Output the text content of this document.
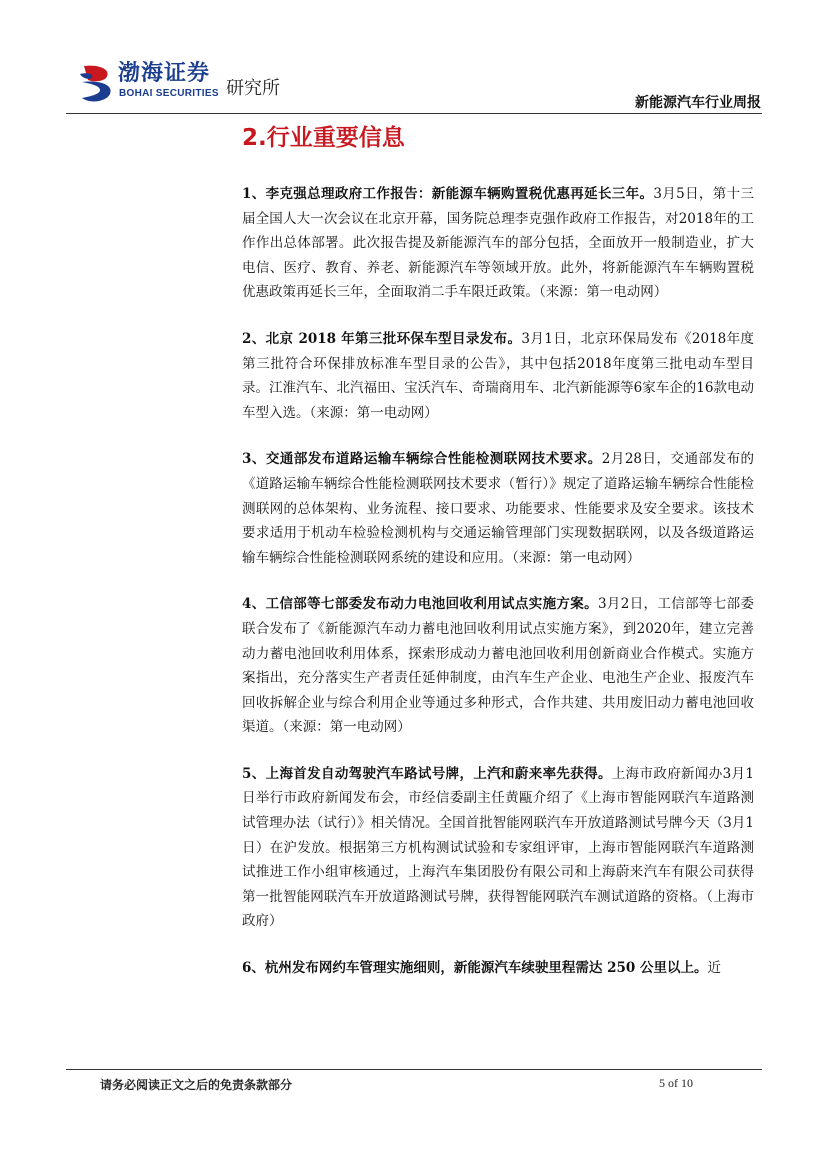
渤海证券
BOHAI SECURITIES 研究所
新能源汽车行业周报
2.行业重要信息

1、李克强总理政府工作报告：新能源车辆购置税优惠再延长三年。3月5日，第十三届全国人大一次会议在北京开幕，国务院总理李克强作政府工作报告，对2018年的工作作出总体部署。此次报告提及新能源汽车的部分包括，全面放开一般制造业，扩大电信、医疗、教育、养老、新能源汽车等领域开放。此外，将新能源汽车车辆购置税优惠政策再延长三年，全面取消二手车限迁政策。（来源：第一电动网）

2、北京 2018 年第三批环保车型目录发布。3月1日，北京环保局发布《2018年度第三批符合环保排放标准车型目录的公告》，其中包括2018年度第三批电动车型目录。江淮汽车、北汽福田、宝沃汽车、奇瑞商用车、北汽新能源等6家车企的16款电动车型入选。（来源：第一电动网）

3、交通部发布道路运输车辆综合性能检测联网技术要求。2月28日，交通部发布的《道路运输车辆综合性能检测联网技术要求（暂行）》规定了道路运输车辆综合性能检测联网的总体架构、业务流程、接口要求、功能要求、性能要求及安全要求。该技术要求适用于机动车检验检测机构与交通运输管理部门实现数据联网，以及各级道路运输车辆综合性能检测联网系统的建设和应用。（来源：第一电动网）

4、工信部等七部委发布动力电池回收利用试点实施方案。3月2日，工信部等七部委联合发布了《新能源汽车动力蓄电池回收利用试点实施方案》，到2020年，建立完善动力蓄电池回收利用体系，探索形成动力蓄电池回收利用创新商业合作模式。实施方案指出，充分落实生产者责任延伸制度，由汽车生产企业、电池生产企业、报废汽车回收拆解企业与综合利用企业等通过多种形式，合作共建、共用废旧动力蓄电池回收渠道。（来源：第一电动网）

5、上海首发自动驾驶汽车路试号牌，上汽和蔚来率先获得。上海市政府新闻办3月1日举行市政府新闻发布会，市经信委副主任黄甌介绍了《上海市智能网联汽车道路测试管理办法（试行）》相关情况。全国首批智能网联汽车开放道路测试号牌今天（3月1日）在沪发放。根据第三方机构测试试验和专家组评审，上海市智能网联汽车道路测试推进工作小组审核通过，上海汽车集团股份有限公司和上海蔚来汽车有限公司获得第一批智能网联汽车开放道路测试号牌，获得智能网联汽车测试道路的资格。（上海市政府）

6、杭州发布网约车管理实施细则，新能源汽车续驶里程需达 250 公里以上。近

请务必阅读正文之后的免责条款部分	5 of 10
